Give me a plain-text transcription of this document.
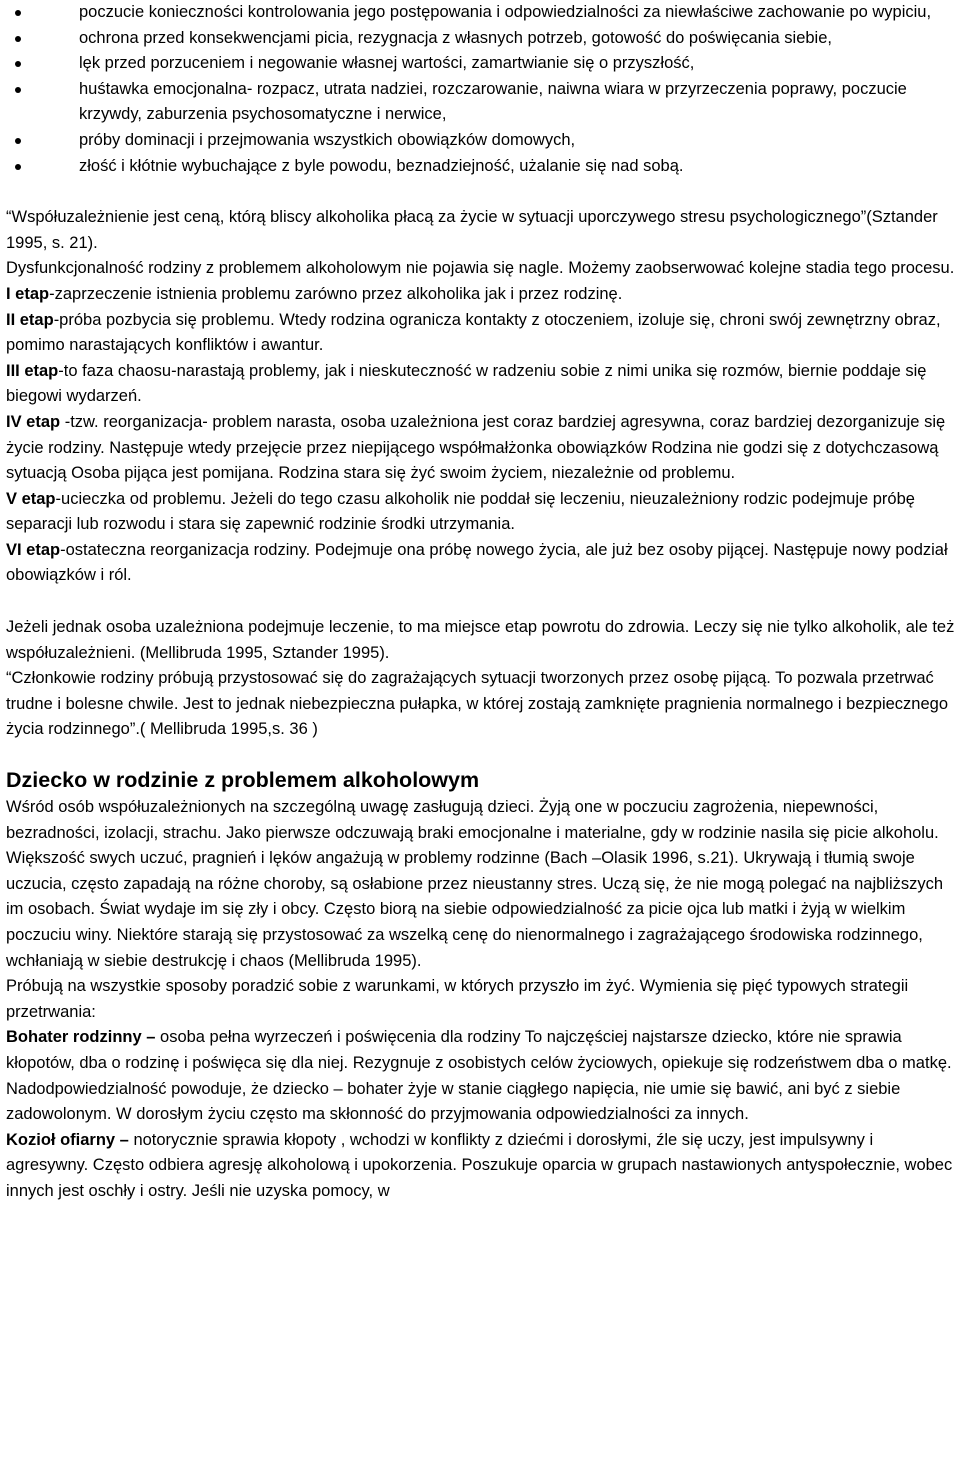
poczucie konieczności kontrolowania jego postępowania i odpowiedzialności za niewłaściwe zachowanie po wypiciu,
ochrona przed konsekwencjami picia, rezygnacja z własnych potrzeb, gotowość do poświęcania siebie,
lęk przed porzuceniem i negowanie własnej wartości, zamartwianie się o przyszłość,
huśtawka emocjonalna- rozpacz, utrata nadziei, rozczarowanie, naiwna wiara w przyrzeczenia poprawy, poczucie krzywdy, zaburzenia psychosomatyczne i nerwice,
próby dominacji i przejmowania wszystkich obowiązków domowych,
złość i kłótnie wybuchające z byle powodu, beznadziejność, użalanie się nad sobą.

“Współuzależnienie jest ceną, którą bliscy alkoholika płacą za życie w sytuacji uporczywego stresu psychologicznego”(Sztander 1995, s. 21).

Dysfunkcjonalność rodziny z problemem alkoholowym nie pojawia się nagle. Możemy zaobserwować kolejne stadia tego procesu.

I etap-zaprzeczenie istnienia problemu zarówno przez alkoholika jak i przez rodzinę.

II etap-próba pozbycia się problemu. Wtedy rodzina ogranicza kontakty z otoczeniem, izoluje się, chroni swój zewnętrzny obraz, pomimo narastających konfliktów i awantur.

III etap-to faza chaosu-narastają problemy, jak i nieskuteczność w radzeniu sobie z nimi unika się rozmów, biernie poddaje się biegowi wydarzeń.

IV etap -tzw. reorganizacja- problem narasta, osoba uzależniona jest coraz bardziej agresywna, coraz bardziej dezorganizuje się życie rodziny. Następuje wtedy przejęcie przez niepijącego współmałżonka obowiązków Rodzina nie godzi się z dotychczasową sytuacją Osoba pijąca jest pomijana. Rodzina stara się żyć swoim życiem, niezależnie od problemu.

V etap-ucieczka od problemu. Jeżeli do tego czasu alkoholik nie poddał się leczeniu, nieuzależniony rodzic podejmuje próbę separacji lub rozwodu i stara się zapewnić rodzinie środki utrzymania.

VI etap-ostateczna reorganizacja rodziny. Podejmuje ona próbę nowego życia, ale już bez osoby pijącej. Następuje nowy podział obowiązków i ról.

Jeżeli jednak osoba uzależniona podejmuje leczenie, to ma miejsce etap powrotu do zdrowia. Leczy się nie tylko alkoholik, ale też współuzależnieni. (Mellibruda 1995, Sztander 1995).

“Członkowie rodziny próbują przystosować się do zagrażających sytuacji tworzonych przez osobę pijącą. To pozwala przetrwać trudne i bolesne chwile. Jest to jednak niebezpieczna pułapka, w której zostają zamknięte pragnienia normalnego i bezpiecznego życia rodzinnego”.( Mellibruda 1995,s. 36 )

Dziecko w rodzinie z problemem alkoholowym

Wśród osób współuzależnionych na szczególną uwagę zasługują dzieci. Żyją one w poczuciu zagrożenia, niepewności, bezradności, izolacji, strachu. Jako pierwsze odczuwają braki emocjonalne i materialne, gdy w rodzinie nasila się picie alkoholu. Większość swych uczuć, pragnień i lęków angażują w problemy rodzinne (Bach –Olasik 1996, s.21). Ukrywają i tłumią swoje uczucia, często zapadają na różne choroby, są osłabione przez nieustanny stres. Uczą się, że nie mogą polegać na najbliższych im osobach. Świat wydaje im się zły i obcy. Często biorą na siebie odpowiedzialność za picie ojca lub matki i żyją w wielkim poczuciu winy. Niektóre starają się przystosować za wszelką cenę do nienormalnego i zagrażającego środowiska rodzinnego, wchłaniają w siebie destrukcję i chaos (Mellibruda 1995).

Próbują na wszystkie sposoby poradzić sobie z warunkami, w których przyszło im żyć. Wymienia się pięć typowych strategii przetrwania:

Bohater rodzinny – osoba pełna wyrzeczeń i poświęcenia dla rodziny To najczęściej najstarsze dziecko, które nie sprawia kłopotów, dba o rodzinę i poświęca się dla niej. Rezygnuje z osobistych celów życiowych, opiekuje się rodzeństwem dba o matkę. Nadodpowiedzialność powoduje, że dziecko – bohater żyje w stanie ciągłego napięcia, nie umie się bawić, ani być z siebie zadowolonym. W dorosłym życiu często ma skłonność do przyjmowania odpowiedzialności za innych.

Kozioł ofiarny – notorycznie sprawia kłopoty , wchodzi w konflikty z dziećmi i dorosłymi, źle się uczy, jest impulsywny i agresywny. Często odbiera agresję alkoholową i upokorzenia. Poszukuje oparcia w grupach nastawionych antyspołecznie, wobec innych jest oschły i ostry. Jeśli nie uzyska pomocy, w
